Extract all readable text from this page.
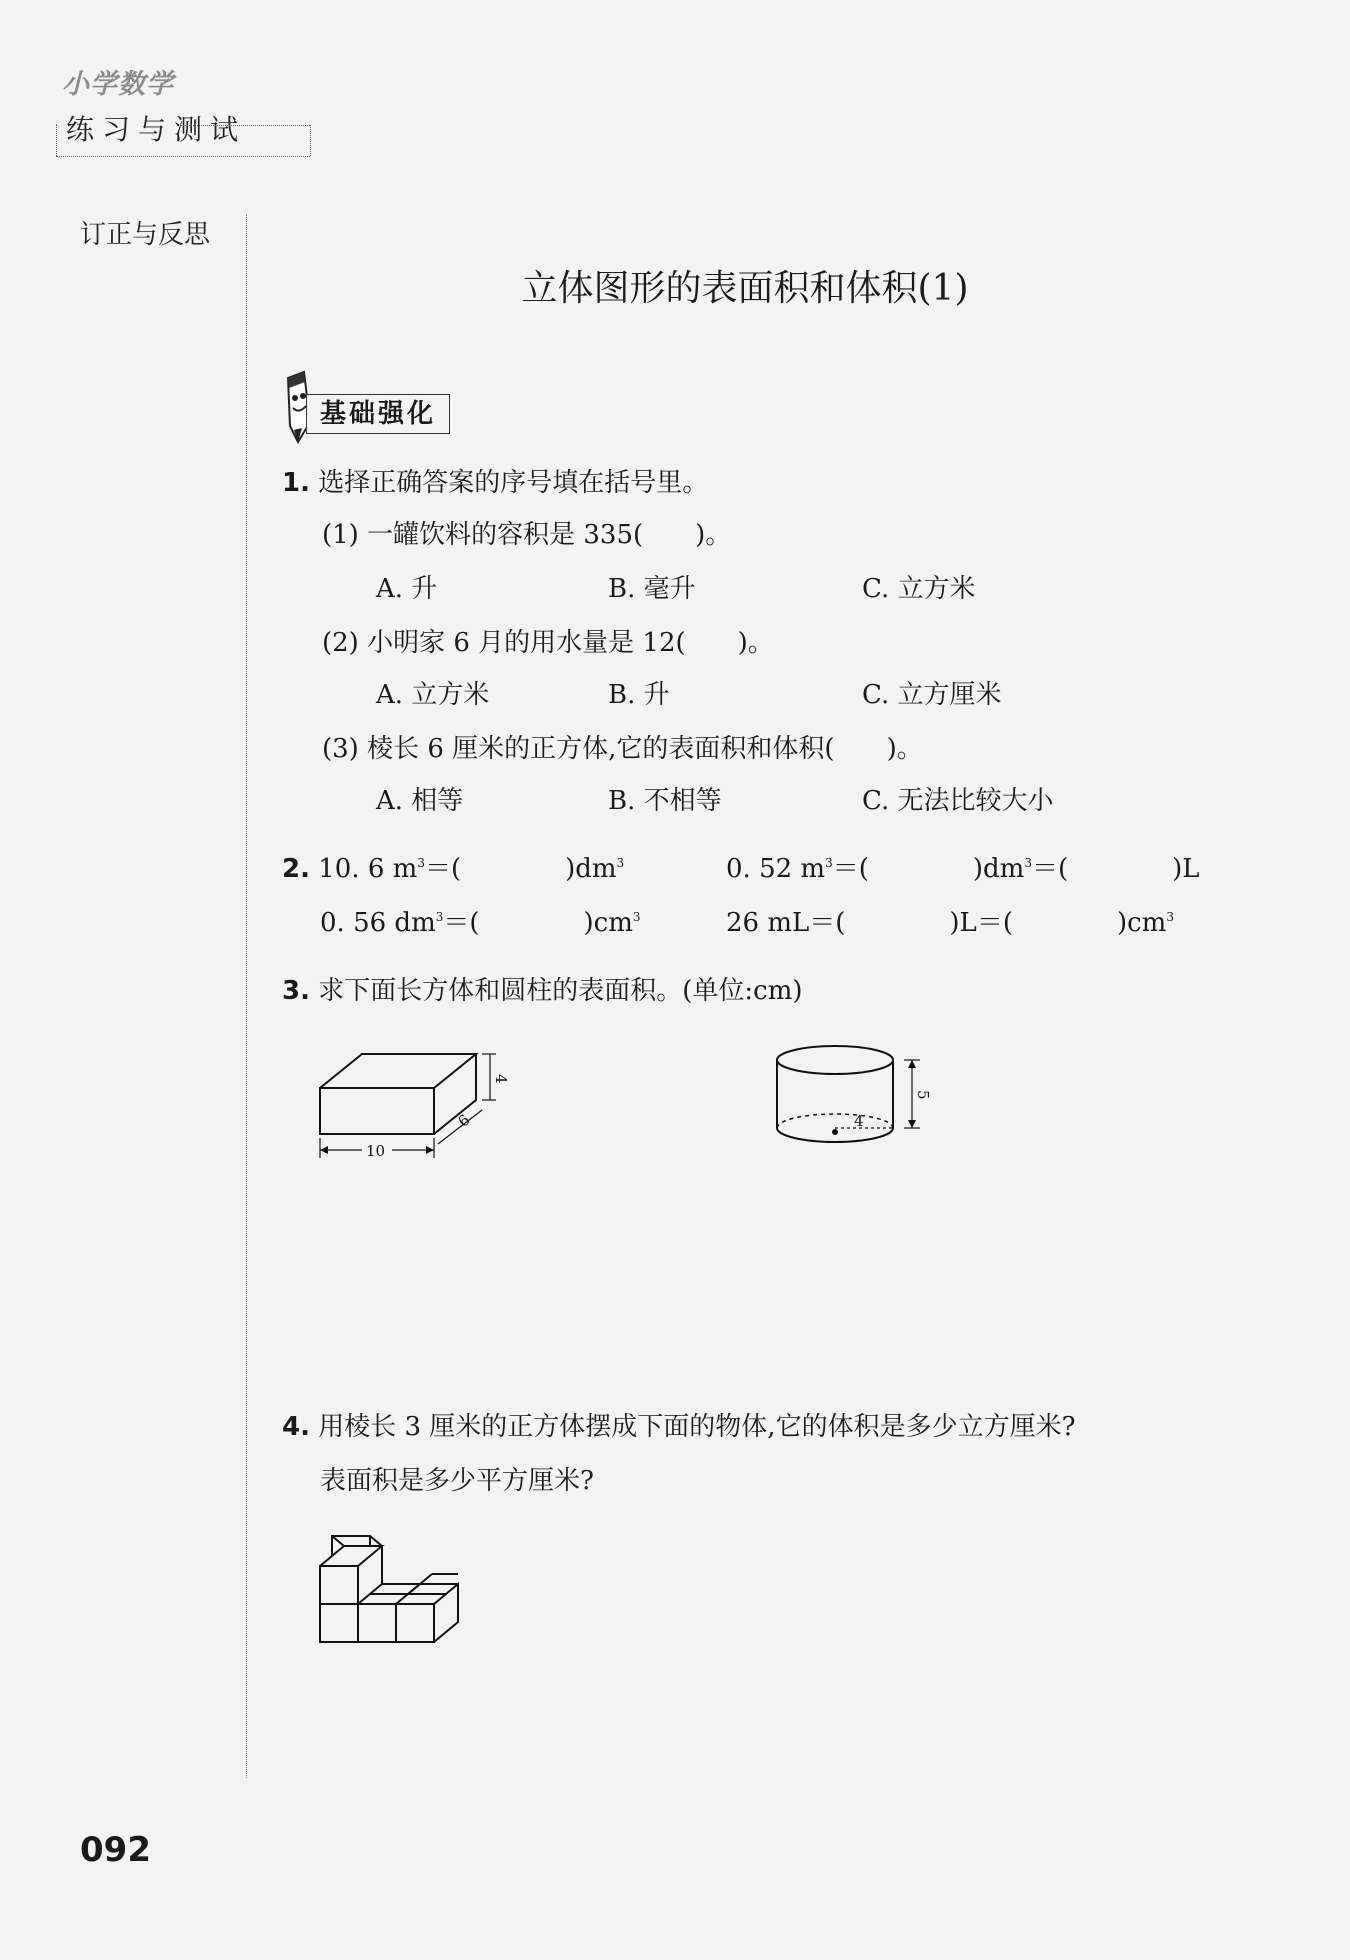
小学数学
练习与测试
订正与反思
立体图形的表面积和体积(1)
基础强化
1. 选择正确答案的序号填在括号里。
(1) 一罐饮料的容积是 335(　　)。
A. 升	B. 毫升	C. 立方米
(2) 小明家 6 月的用水量是 12(　　)。
A. 立方米	B. 升	C. 立方厘米
(3) 棱长 6 厘米的正方体,它的表面积和体积(　　)。
A. 相等	B. 不相等	C. 无法比较大小
2. 10. 6 $m^3=$(　　　　)$dm^3$	0. 52 $m^3=$(　　　　)$dm^3=$(　　　　)L
0. 56 $dm^3=$(　　　　)$cm^3$	26 mL＝(　　　　)L＝(　　　　)$cm^3$
3. 求下面长方体和圆柱的表面积。(单位:cm)
4
6
10
4
5
4. 用棱长 3 厘米的正方体摆成下面的物体,它的体积是多少立方厘米?
表面积是多少平方厘米?
092
